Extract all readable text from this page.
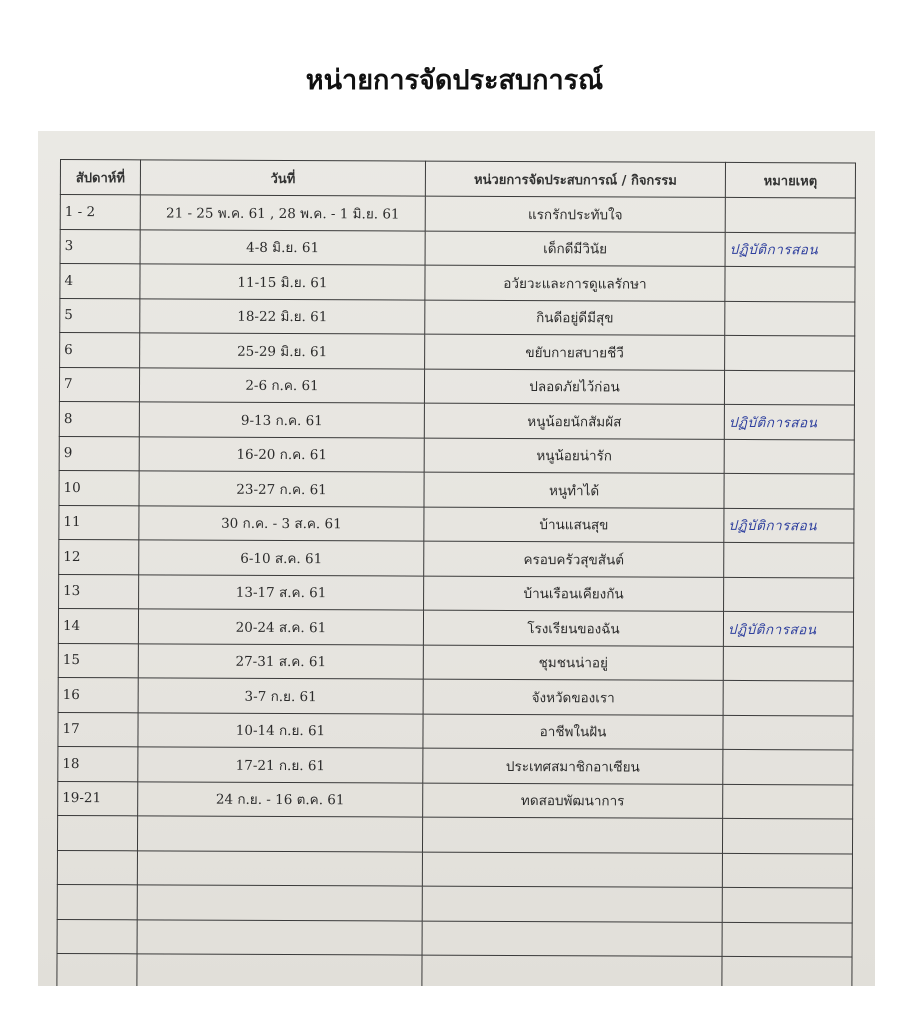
หน่ายการจัดประสบการณ์
สัปดาห์ที่	วันที่	หน่วยการจัดประสบการณ์ / กิจกรรม	หมายเหตุ
1 - 2	21 - 25 พ.ค. 61 , 28 พ.ค. - 1 มิ.ย. 61	แรกรักประทับใจ	
3	4-8 มิ.ย. 61	เด็กดีมีวินัย	ปฏิบัติการสอน
4	11-15 มิ.ย. 61	อวัยวะและการดูแลรักษา	
5	18-22 มิ.ย. 61	กินดีอยู่ดีมีสุข	
6	25-29 มิ.ย. 61	ขยับกายสบายชีวี	
7	2-6 ก.ค. 61	ปลอดภัยไว้ก่อน	
8	9-13 ก.ค. 61	หนูน้อยนักสัมผัส	ปฏิบัติการสอน
9	16-20 ก.ค. 61	หนูน้อยน่ารัก	
10	23-27 ก.ค. 61	หนูทำได้	
11	30 ก.ค. - 3 ส.ค. 61	บ้านแสนสุข	ปฏิบัติการสอน
12	6-10 ส.ค. 61	ครอบครัวสุขสันต์	
13	13-17 ส.ค. 61	บ้านเรือนเคียงกัน	
14	20-24 ส.ค. 61	โรงเรียนของฉัน	ปฏิบัติการสอน
15	27-31 ส.ค. 61	ชุมชนน่าอยู่	
16	3-7 ก.ย. 61	จังหวัดของเรา	
17	10-14 ก.ย. 61	อาชีพในฝัน	
18	17-21 ก.ย. 61	ประเทศสมาชิกอาเซียน	
19-21	24 ก.ย. - 16 ต.ค. 61	ทดสอบพัฒนาการ	
